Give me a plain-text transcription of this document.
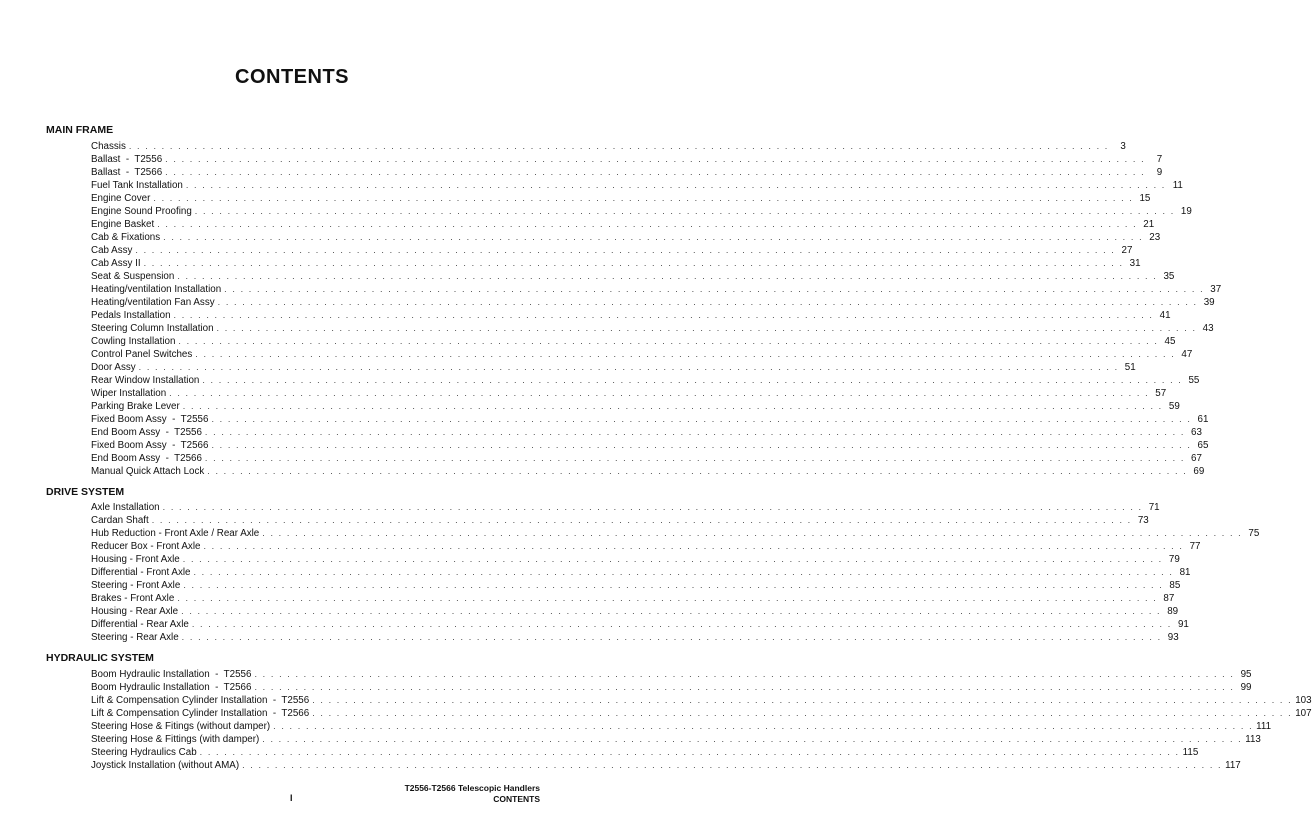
CONTENTS
MAIN FRAME
Chassis . . . . . . . . . . . . . . . . . . . . . . . . . . . . . . . . . . . . . . . . . . . . . . . . . . . . . . . . . . . . . . . . . . . . . . . . . . . . . . . . . . . . . . . . . . . . . . . . . . . . . . . . . . . . . . . . . . . . . . . .	3
Ballast  -  T2556 . . . . . . . . . . . . . . . . . . . . . . . . . . . . . . . . . . . . . . . . . . . . . . . . . . . . . . . . . . . . . . . . . . . . . . . . . . . . . . . . . . . . . . . . . . . . . . . . . . . . . . . . . . . . . . . . . . . . . . . .	7
Ballast  -  T2566 . . . . . . . . . . . . . . . . . . . . . . . . . . . . . . . . . . . . . . . . . . . . . . . . . . . . . . . . . . . . . . . . . . . . . . . . . . . . . . . . . . . . . . . . . . . . . . . . . . . . . . . . . . . . . . . . . . . . . . . .	9
Fuel Tank Installation . . . . . . . . . . . . . . . . . . . . . . . . . . . . . . . . . . . . . . . . . . . . . . . . . . . . . . . . . . . . . . . . . . . . . . . . . . . . . . . . . . . . . . . . . . . . . . . . . . . . . . . . . . . . . . . . . . . . . . . . 11
Engine Cover . . . . . . . . . . . . . . . . . . . . . . . . . . . . . . . . . . . . . . . . . . . . . . . . . . . . . . . . . . . . . . . . . . . . . . . . . . . . . . . . . . . . . . . . . . . . . . . . . . . . . . . . . . . . . . . . . . . . . . . . 15
Engine Sound Proofing . . . . . . . . . . . . . . . . . . . . . . . . . . . . . . . . . . . . . . . . . . . . . . . . . . . . . . . . . . . . . . . . . . . . . . . . . . . . . . . . . . . . . . . . . . . . . . . . . . . . . . . . . . . . . . . . . . . . . . . . 19
Engine Basket . . . . . . . . . . . . . . . . . . . . . . . . . . . . . . . . . . . . . . . . . . . . . . . . . . . . . . . . . . . . . . . . . . . . . . . . . . . . . . . . . . . . . . . . . . . . . . . . . . . . . . . . . . . . . . . . . . . . . . . . 21
Cab & Fixations . . . . . . . . . . . . . . . . . . . . . . . . . . . . . . . . . . . . . . . . . . . . . . . . . . . . . . . . . . . . . . . . . . . . . . . . . . . . . . . . . . . . . . . . . . . . . . . . . . . . . . . . . . . . . . . . . . . . . . . . 23
Cab Assy . . . . . . . . . . . . . . . . . . . . . . . . . . . . . . . . . . . . . . . . . . . . . . . . . . . . . . . . . . . . . . . . . . . . . . . . . . . . . . . . . . . . . . . . . . . . . . . . . . . . . . . . . . . . . . . . . . . . . . . . 27
Cab Assy II . . . . . . . . . . . . . . . . . . . . . . . . . . . . . . . . . . . . . . . . . . . . . . . . . . . . . . . . . . . . . . . . . . . . . . . . . . . . . . . . . . . . . . . . . . . . . . . . . . . . . . . . . . . . . . . . . . . . . . . . 31
Seat & Suspension . . . . . . . . . . . . . . . . . . . . . . . . . . . . . . . . . . . . . . . . . . . . . . . . . . . . . . . . . . . . . . . . . . . . . . . . . . . . . . . . . . . . . . . . . . . . . . . . . . . . . . . . . . . . . . . . . . . . . . . . 35
Heating/ventilation Installation . . . . . . . . . . . . . . . . . . . . . . . . . . . . . . . . . . . . . . . . . . . . . . . . . . . . . . . . . . . . . . . . . . . . . . . . . . . . . . . . . . . . . . . . . . . . . . . . . . . . . . . . . . . . . . . . . . . . . . . . 37
Heating/ventilation Fan Assy . . . . . . . . . . . . . . . . . . . . . . . . . . . . . . . . . . . . . . . . . . . . . . . . . . . . . . . . . . . . . . . . . . . . . . . . . . . . . . . . . . . . . . . . . . . . . . . . . . . . . . . . . . . . . . . . . . . . . . . . 39
Pedals Installation . . . . . . . . . . . . . . . . . . . . . . . . . . . . . . . . . . . . . . . . . . . . . . . . . . . . . . . . . . . . . . . . . . . . . . . . . . . . . . . . . . . . . . . . . . . . . . . . . . . . . . . . . . . . . . . . . . . . . . . . 41
Steering Column Installation . . . . . . . . . . . . . . . . . . . . . . . . . . . . . . . . . . . . . . . . . . . . . . . . . . . . . . . . . . . . . . . . . . . . . . . . . . . . . . . . . . . . . . . . . . . . . . . . . . . . . . . . . . . . . . . . . . . . . . . . 43
Cowling Installation . . . . . . . . . . . . . . . . . . . . . . . . . . . . . . . . . . . . . . . . . . . . . . . . . . . . . . . . . . . . . . . . . . . . . . . . . . . . . . . . . . . . . . . . . . . . . . . . . . . . . . . . . . . . . . . . . . . . . . . . 45
Control Panel Switches . . . . . . . . . . . . . . . . . . . . . . . . . . . . . . . . . . . . . . . . . . . . . . . . . . . . . . . . . . . . . . . . . . . . . . . . . . . . . . . . . . . . . . . . . . . . . . . . . . . . . . . . . . . . . . . . . . . . . . . . 47
Door Assy . . . . . . . . . . . . . . . . . . . . . . . . . . . . . . . . . . . . . . . . . . . . . . . . . . . . . . . . . . . . . . . . . . . . . . . . . . . . . . . . . . . . . . . . . . . . . . . . . . . . . . . . . . . . . . . . . . . . . . . . 51
Rear Window Installation . . . . . . . . . . . . . . . . . . . . . . . . . . . . . . . . . . . . . . . . . . . . . . . . . . . . . . . . . . . . . . . . . . . . . . . . . . . . . . . . . . . . . . . . . . . . . . . . . . . . . . . . . . . . . . . . . . . . . . . . 55
Wiper Installation . . . . . . . . . . . . . . . . . . . . . . . . . . . . . . . . . . . . . . . . . . . . . . . . . . . . . . . . . . . . . . . . . . . . . . . . . . . . . . . . . . . . . . . . . . . . . . . . . . . . . . . . . . . . . . . . . . . . . . . . 57
Parking Brake Lever . . . . . . . . . . . . . . . . . . . . . . . . . . . . . . . . . . . . . . . . . . . . . . . . . . . . . . . . . . . . . . . . . . . . . . . . . . . . . . . . . . . . . . . . . . . . . . . . . . . . . . . . . . . . . . . . . . . . . . . . 59
Fixed Boom Assy  -  T2556 . . . . . . . . . . . . . . . . . . . . . . . . . . . . . . . . . . . . . . . . . . . . . . . . . . . . . . . . . . . . . . . . . . . . . . . . . . . . . . . . . . . . . . . . . . . . . . . . . . . . . . . . . . . . . . . . . . . . . . . . 61
End Boom Assy  -  T2556 . . . . . . . . . . . . . . . . . . . . . . . . . . . . . . . . . . . . . . . . . . . . . . . . . . . . . . . . . . . . . . . . . . . . . . . . . . . . . . . . . . . . . . . . . . . . . . . . . . . . . . . . . . . . . . . . . . . . . . . . 63
Fixed Boom Assy  -  T2566 . . . . . . . . . . . . . . . . . . . . . . . . . . . . . . . . . . . . . . . . . . . . . . . . . . . . . . . . . . . . . . . . . . . . . . . . . . . . . . . . . . . . . . . . . . . . . . . . . . . . . . . . . . . . . . . . . . . . . . . . 65
End Boom Assy  -  T2566 . . . . . . . . . . . . . . . . . . . . . . . . . . . . . . . . . . . . . . . . . . . . . . . . . . . . . . . . . . . . . . . . . . . . . . . . . . . . . . . . . . . . . . . . . . . . . . . . . . . . . . . . . . . . . . . . . . . . . . . . 67
Manual Quick Attach Lock . . . . . . . . . . . . . . . . . . . . . . . . . . . . . . . . . . . . . . . . . . . . . . . . . . . . . . . . . . . . . . . . . . . . . . . . . . . . . . . . . . . . . . . . . . . . . . . . . . . . . . . . . . . . . . . . . . . . . . . . 69
DRIVE SYSTEM
Axle Installation . . . . . . . . . . . . . . . . . . . . . . . . . . . . . . . . . . . . . . . . . . . . . . . . . . . . . . . . . . . . . . . . . . . . . . . . . . . . . . . . . . . . . . . . . . . . . . . . . . . . . . . . . . . . . . . . . . . . . . . . 71
Cardan Shaft . . . . . . . . . . . . . . . . . . . . . . . . . . . . . . . . . . . . . . . . . . . . . . . . . . . . . . . . . . . . . . . . . . . . . . . . . . . . . . . . . . . . . . . . . . . . . . . . . . . . . . . . . . . . . . . . . . . . . . . . 73
Hub Reduction - Front Axle / Rear Axle . . . . . . . . . . . . . . . . . . . . . . . . . . . . . . . . . . . . . . . . . . . . . . . . . . . . . . . . . . . . . . . . . . . . . . . . . . . . . . . . . . . . . . . . . . . . . . . . . . . . . . . . . . . . . . . . . . . . . . . . 75
Reducer Box - Front Axle . . . . . . . . . . . . . . . . . . . . . . . . . . . . . . . . . . . . . . . . . . . . . . . . . . . . . . . . . . . . . . . . . . . . . . . . . . . . . . . . . . . . . . . . . . . . . . . . . . . . . . . . . . . . . . . . . . . . . . . . 77
Housing - Front Axle . . . . . . . . . . . . . . . . . . . . . . . . . . . . . . . . . . . . . . . . . . . . . . . . . . . . . . . . . . . . . . . . . . . . . . . . . . . . . . . . . . . . . . . . . . . . . . . . . . . . . . . . . . . . . . . . . . . . . . . . 79
Differential - Front Axle . . . . . . . . . . . . . . . . . . . . . . . . . . . . . . . . . . . . . . . . . . . . . . . . . . . . . . . . . . . . . . . . . . . . . . . . . . . . . . . . . . . . . . . . . . . . . . . . . . . . . . . . . . . . . . . . . . . . . . . . 81
Steering - Front Axle . . . . . . . . . . . . . . . . . . . . . . . . . . . . . . . . . . . . . . . . . . . . . . . . . . . . . . . . . . . . . . . . . . . . . . . . . . . . . . . . . . . . . . . . . . . . . . . . . . . . . . . . . . . . . . . . . . . . . . . . 85
Brakes - Front Axle . . . . . . . . . . . . . . . . . . . . . . . . . . . . . . . . . . . . . . . . . . . . . . . . . . . . . . . . . . . . . . . . . . . . . . . . . . . . . . . . . . . . . . . . . . . . . . . . . . . . . . . . . . . . . . . . . . . . . . . . 87
Housing - Rear Axle . . . . . . . . . . . . . . . . . . . . . . . . . . . . . . . . . . . . . . . . . . . . . . . . . . . . . . . . . . . . . . . . . . . . . . . . . . . . . . . . . . . . . . . . . . . . . . . . . . . . . . . . . . . . . . . . . . . . . . . . 89
Differential - Rear Axle . . . . . . . . . . . . . . . . . . . . . . . . . . . . . . . . . . . . . . . . . . . . . . . . . . . . . . . . . . . . . . . . . . . . . . . . . . . . . . . . . . . . . . . . . . . . . . . . . . . . . . . . . . . . . . . . . . . . . . . . 91
Steering - Rear Axle . . . . . . . . . . . . . . . . . . . . . . . . . . . . . . . . . . . . . . . . . . . . . . . . . . . . . . . . . . . . . . . . . . . . . . . . . . . . . . . . . . . . . . . . . . . . . . . . . . . . . . . . . . . . . . . . . . . . . . . . 93
HYDRAULIC SYSTEM
Boom Hydraulic Installation  -  T2556 . . . . . . . . . . . . . . . . . . . . . . . . . . . . . . . . . . . . . . . . . . . . . . . . . . . . . . . . . . . . . . . . . . . . . . . . . . . . . . . . . . . . . . . . . . . . . . . . . . . . . . . . . . . . . . . . . . . . . . . . 95
Boom Hydraulic Installation  -  T2566 . . . . . . . . . . . . . . . . . . . . . . . . . . . . . . . . . . . . . . . . . . . . . . . . . . . . . . . . . . . . . . . . . . . . . . . . . . . . . . . . . . . . . . . . . . . . . . . . . . . . . . . . . . . . . . . . . . . . . . . . 99
Lift & Compensation Cylinder Installation  -  T2556 . . . . . . . . . . . . . . . . . . . . . . . . . . . . . . . . . . . . . . . . . . . . . . . . . . . . . . . . . . . . . . . . . . . . . . . . . . . . . . . . . . . . . . . . . . . . . . . . . . . . . . . . . . . . . . . . . . . . . . . . 103
Lift & Compensation Cylinder Installation  -  T2566 . . . . . . . . . . . . . . . . . . . . . . . . . . . . . . . . . . . . . . . . . . . . . . . . . . . . . . . . . . . . . . . . . . . . . . . . . . . . . . . . . . . . . . . . . . . . . . . . . . . . . . . . . . . . . . . . . . . . . . . . 107
Steering Hose & Fitings (without damper) . . . . . . . . . . . . . . . . . . . . . . . . . . . . . . . . . . . . . . . . . . . . . . . . . . . . . . . . . . . . . . . . . . . . . . . . . . . . . . . . . . . . . . . . . . . . . . . . . . . . . . . . . . . . . . . . . . . . . . . . 111
Steering Hose & Fittings (with damper) . . . . . . . . . . . . . . . . . . . . . . . . . . . . . . . . . . . . . . . . . . . . . . . . . . . . . . . . . . . . . . . . . . . . . . . . . . . . . . . . . . . . . . . . . . . . . . . . . . . . . . . . . . . . . . . . . . . . . . . . 113
Steering Hydraulics Cab . . . . . . . . . . . . . . . . . . . . . . . . . . . . . . . . . . . . . . . . . . . . . . . . . . . . . . . . . . . . . . . . . . . . . . . . . . . . . . . . . . . . . . . . . . . . . . . . . . . . . . . . . . . . . . . . . . . . . . . . 115
Joystick Installation (without AMA) . . . . . . . . . . . . . . . . . . . . . . . . . . . . . . . . . . . . . . . . . . . . . . . . . . . . . . . . . . . . . . . . . . . . . . . . . . . . . . . . . . . . . . . . . . . . . . . . . . . . . . . . . . . . . . . . . . . . . . . . 117
T2556-T2566 Telescopic Handlers
CONTENTS
I
